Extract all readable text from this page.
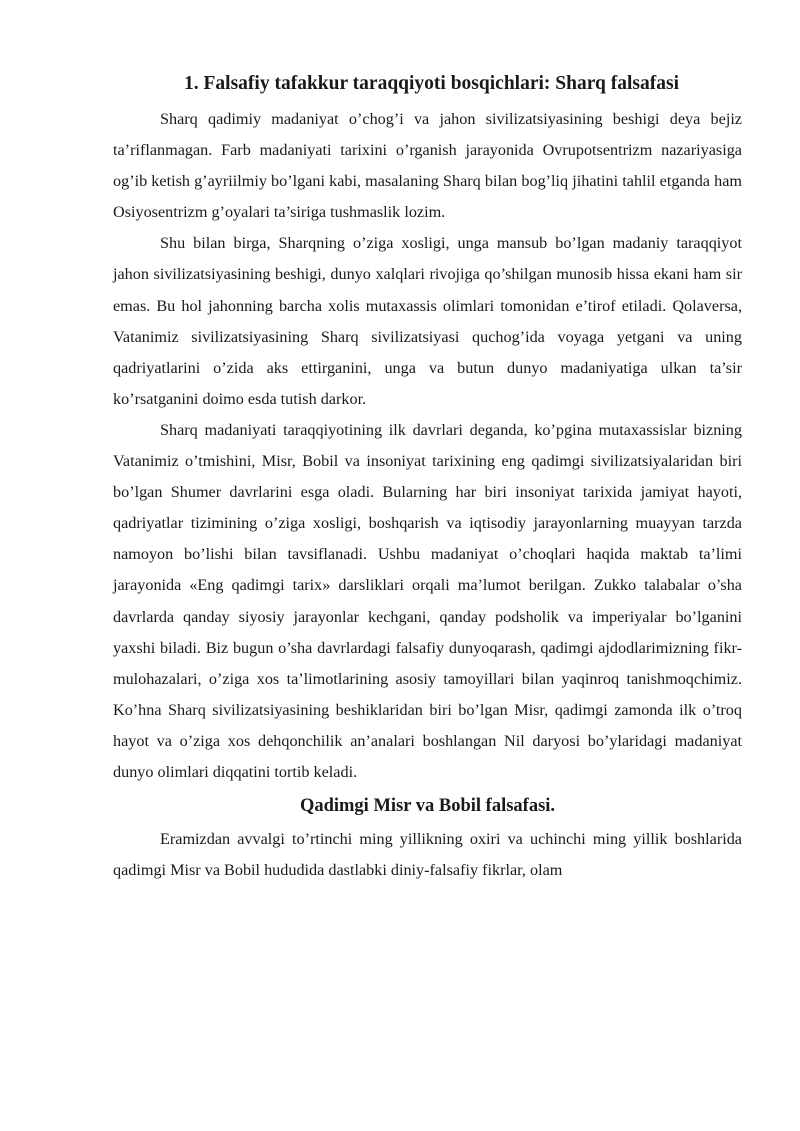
1. Falsafiy tafakkur taraqqiyoti bosqichlari: Sharq falsafasi

Sharq qadimiy madaniyat o’chog’i va jahon sivilizatsiyasining beshigi deya bejiz ta’riflanmagan. Farb madaniyati tarixini o’rganish jarayonida Ovrupotsentrizm nazariyasiga og’ib ketish g’ayriilmiy bo’lgani kabi, masalaning Sharq bilan bog’liq jihatini tahlil etganda ham Osiyosentrizm g’oyalari ta’siriga tushmaslik lozim.

Shu bilan birga, Sharqning o’ziga xosligi, unga mansub bo’lgan madaniy taraqqiyot jahon sivilizatsiyasining beshigi, dunyo xalqlari rivojiga qo’shilgan munosib hissa ekani ham sir emas. Bu hol jahonning barcha xolis mutaxassis olimlari tomonidan e’tirof etiladi. Qolaversa, Vatanimiz sivilizatsiyasining Sharq sivilizatsiyasi quchog’ida voyaga yetgani va uning qadriyatlarini o’zida aks ettirganini, unga va butun dunyo madaniyatiga ulkan ta’sir ko’rsatganini doimo esda tutish darkor.

Sharq madaniyati taraqqiyotining ilk davrlari deganda, ko’pgina mutaxassislar bizning Vatanimiz o’tmishini, Misr, Bobil va insoniyat tarixining eng qadimgi sivilizatsiyalaridan biri bo’lgan Shumer davrlarini esga oladi. Bularning har biri insoniyat tarixida jamiyat hayoti, qadriyatlar tizimining o’ziga xosligi, boshqarish va iqtisodiy jarayonlarning muayyan tarzda namoyon bo’lishi bilan tavsiflanadi. Ushbu madaniyat o’choqlari haqida maktab ta’limi jarayonida «Eng qadimgi tarix» darsliklari orqali ma’lumot berilgan. Zukko talabalar o’sha davrlarda qanday siyosiy jarayonlar kechgani, qanday podsholik va imperiyalar bo’lganini yaxshi biladi. Biz bugun o’sha davrlardagi falsafiy dunyoqarash, qadimgi ajdodlarimizning fikr-mulohazalari, o’ziga xos ta’limotlarining asosiy tamoyillari bilan yaqinroq tanishmoqchimiz. Ko’hna Sharq sivilizatsiyasining beshiklaridan biri bo’lgan Misr, qadimgi zamonda ilk o’troq hayot va o’ziga xos dehqonchilik an’analari boshlangan Nil daryosi bo’ylaridagi madaniyat dunyo olimlari diqqatini tortib keladi.

Qadimgi Misr va Bobil falsafasi.

Eramizdan avvalgi to’rtinchi ming yillikning oxiri va uchinchi ming yillik boshlarida qadimgi Misr va Bobil hududida dastlabki diniy-falsafiy fikrlar, olam
